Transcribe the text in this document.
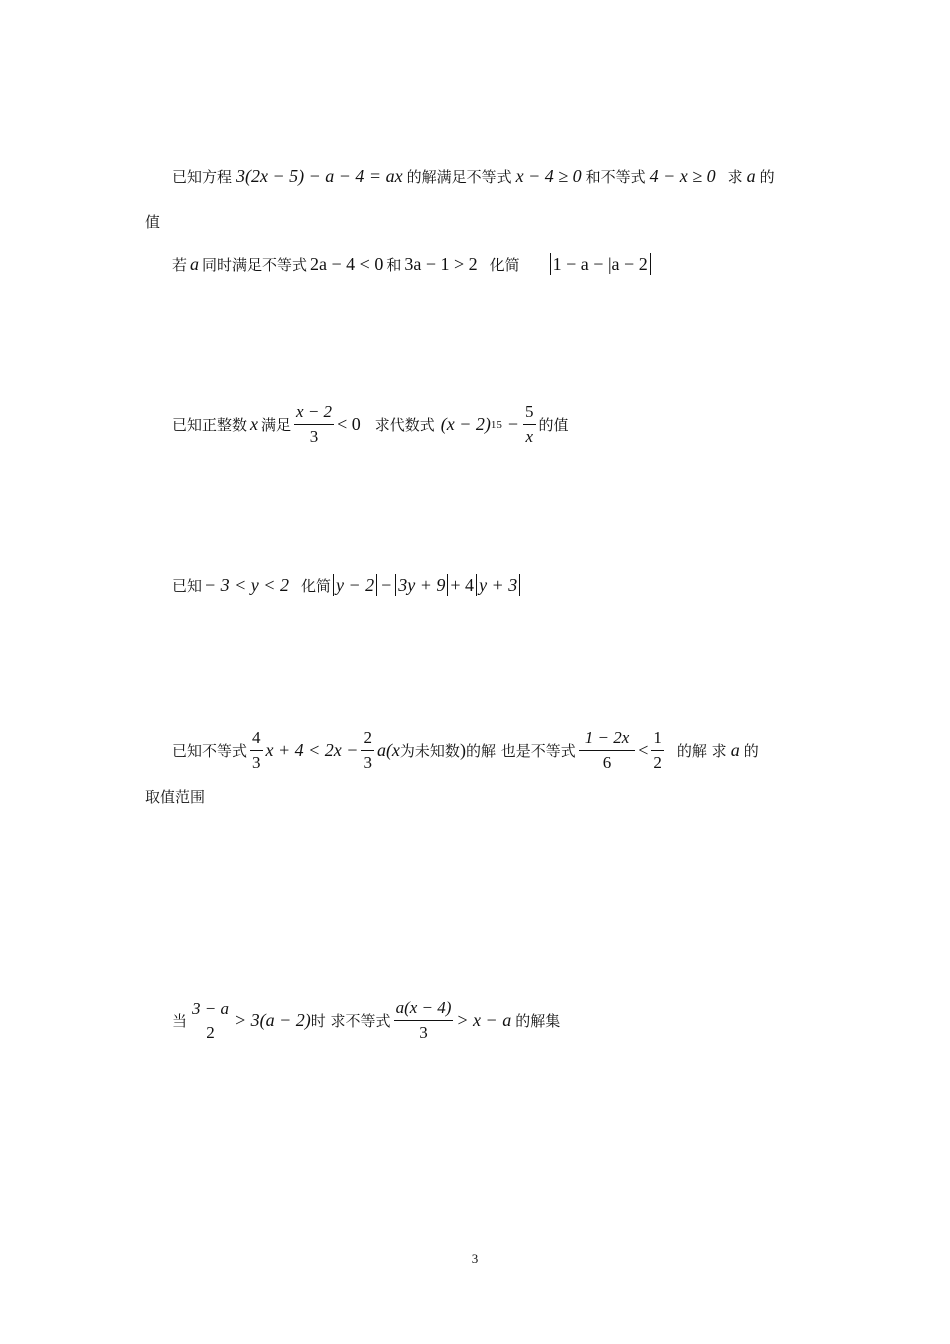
已知方程 3(2x − 5) − a − 4 = ax 的解满足不等式 x − 4 ≥ 0 和不等式 4 − x ≥ 0 求 a 的
值
若 a 同时满足不等式 2a − 4 < 0 和 3a − 1 > 2 化简 1 − a − |a − 2
已知正整数 x 满足 $\frac{x - 2}{3} < 0$ 求代数式 (x − 2) $15 - \frac{5}{x}$ 的值
已知 − 3 < y < 2 化简 y − 2 − 3y + 9 + 4 y + 3
已知不等式 $\frac{4}{3}$ $x + 4 < 2x - \frac{2}{3} a(x$ 为未知数 ) 的解 也是不等式 $\frac{1 - 2x}{6} < \frac{1}{2}$ 的解 求 a 的
取值范围
当
3 − a
2
> 3(a − 2) 时 求不等式 $\frac{a(x - 4)}{3} > x - a$ 的解集
3
